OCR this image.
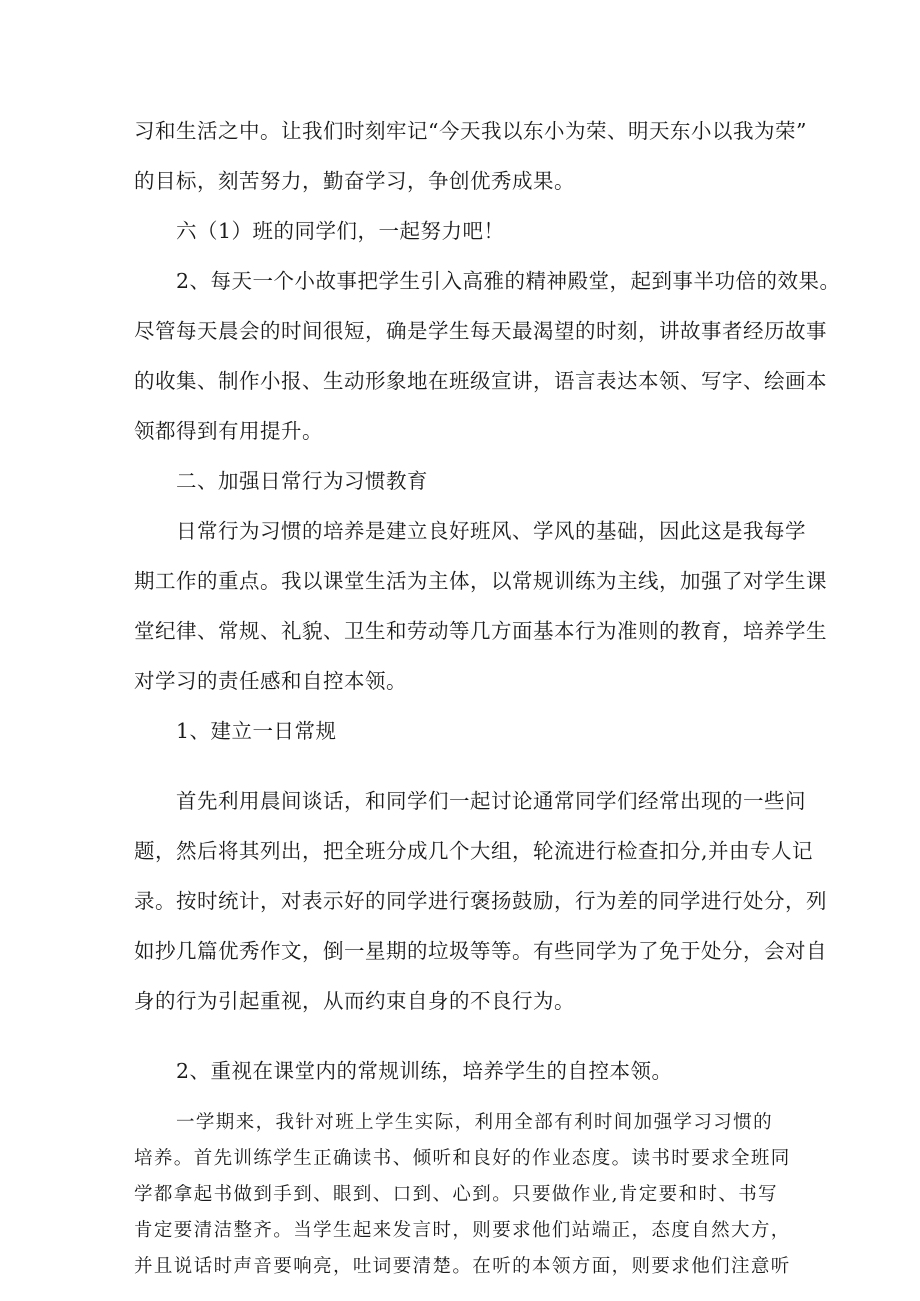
习和生活之中。让我们时刻牢记“今天我以东小为荣、明天东小以我为荣”
的目标，刻苦努力，勤奋学习，争创优秀成果。
六（1）班的同学们，一起努力吧！
2、每天一个小故事把学生引入高雅的精神殿堂，起到事半功倍的效果。
尽管每天晨会的时间很短，确是学生每天最渴望的时刻，讲故事者经历故事
的收集、制作小报、生动形象地在班级宣讲，语言表达本领、写字、绘画本
领都得到有用提升。
二、加强日常行为习惯教育
日常行为习惯的培养是建立良好班风、学风的基础，因此这是我每学
期工作的重点。我以课堂生活为主体，以常规训练为主线，加强了对学生课
堂纪律、常规、礼貌、卫生和劳动等几方面基本行为准则的教育，培养学生
对学习的责任感和自控本领。
1、建立一日常规
首先利用晨间谈话，和同学们一起讨论通常同学们经常出现的一些问
题，然后将其列出，把全班分成几个大组，轮流进行检查扣分,并由专人记
录。按时统计，对表示好的同学进行褒扬鼓励，行为差的同学进行处分，列
如抄几篇优秀作文，倒一星期的垃圾等等。有些同学为了免于处分，会对自
身的行为引起重视，从而约束自身的不良行为。
2、重视在课堂内的常规训练，培养学生的自控本领。
一学期来，我针对班上学生实际，利用全部有利时间加强学习习惯的
培养。首先训练学生正确读书、倾听和良好的作业态度。读书时要求全班同
学都拿起书做到手到、眼到、口到、心到。只要做作业,肯定要和时、书写
肯定要清洁整齐。当学生起来发言时，则要求他们站端正，态度自然大方，
并且说话时声音要响亮，吐词要清楚。在听的本领方面，则要求他们注意听
